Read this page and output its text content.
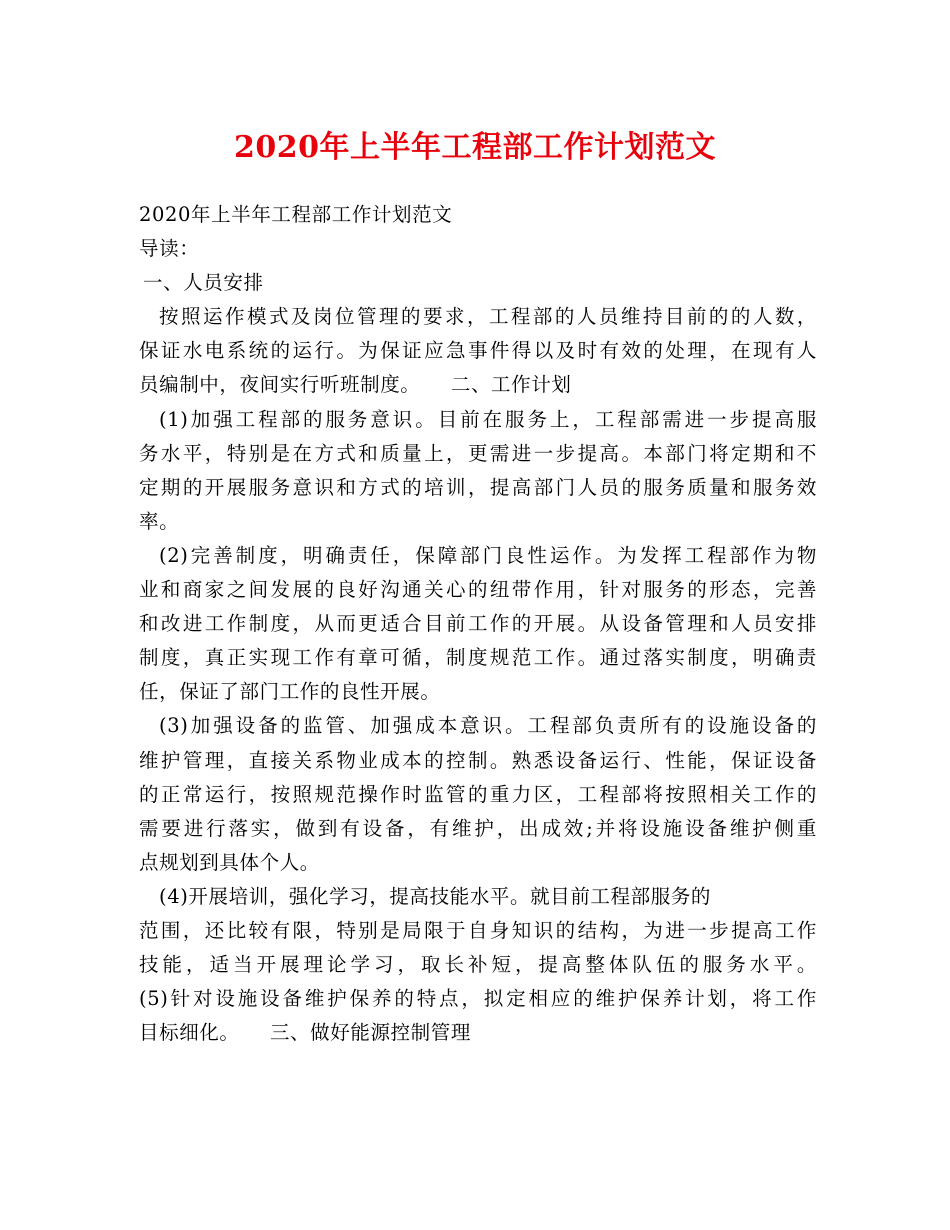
2020年上半年工程部工作计划范文
2020年上半年工程部工作计划范文
导读：
一、人员安排
按照运作模式及岗位管理的要求，工程部的人员维持目前的的人数，
保证水电系统的运行。为保证应急事件得以及时有效的处理，在现有人
员编制中，夜间实行听班制度。　　二、工作计划
(1)加强工程部的服务意识。目前在服务上，工程部需进一步提高服
务水平，特别是在方式和质量上，更需进一步提高。本部门将定期和不
定期的开展服务意识和方式的培训，提高部门人员的服务质量和服务效
率。
(2)完善制度，明确责任，保障部门良性运作。为发挥工程部作为物
业和商家之间发展的良好沟通关心的纽带作用，针对服务的形态，完善
和改进工作制度，从而更适合目前工作的开展。从设备管理和人员安排
制度，真正实现工作有章可循，制度规范工作。通过落实制度，明确责
任，保证了部门工作的良性开展。
(3)加强设备的监管、加强成本意识。工程部负责所有的设施设备的
维护管理，直接关系物业成本的控制。熟悉设备运行、性能，保证设备
的正常运行，按照规范操作时监管的重力区，工程部将按照相关工作的
需要进行落实，做到有设备，有维护，出成效;并将设施设备维护侧重
点规划到具体个人。
(4)开展培训，强化学习，提高技能水平。就目前工程部服务的
范围，还比较有限，特别是局限于自身知识的结构，为进一步提高工作
技能，适当开展理论学习，取长补短，提高整体队伍的服务水平。
(5)针对设施设备维护保养的特点，拟定相应的维护保养计划，将工作
目标细化。　　三、做好能源控制管理
